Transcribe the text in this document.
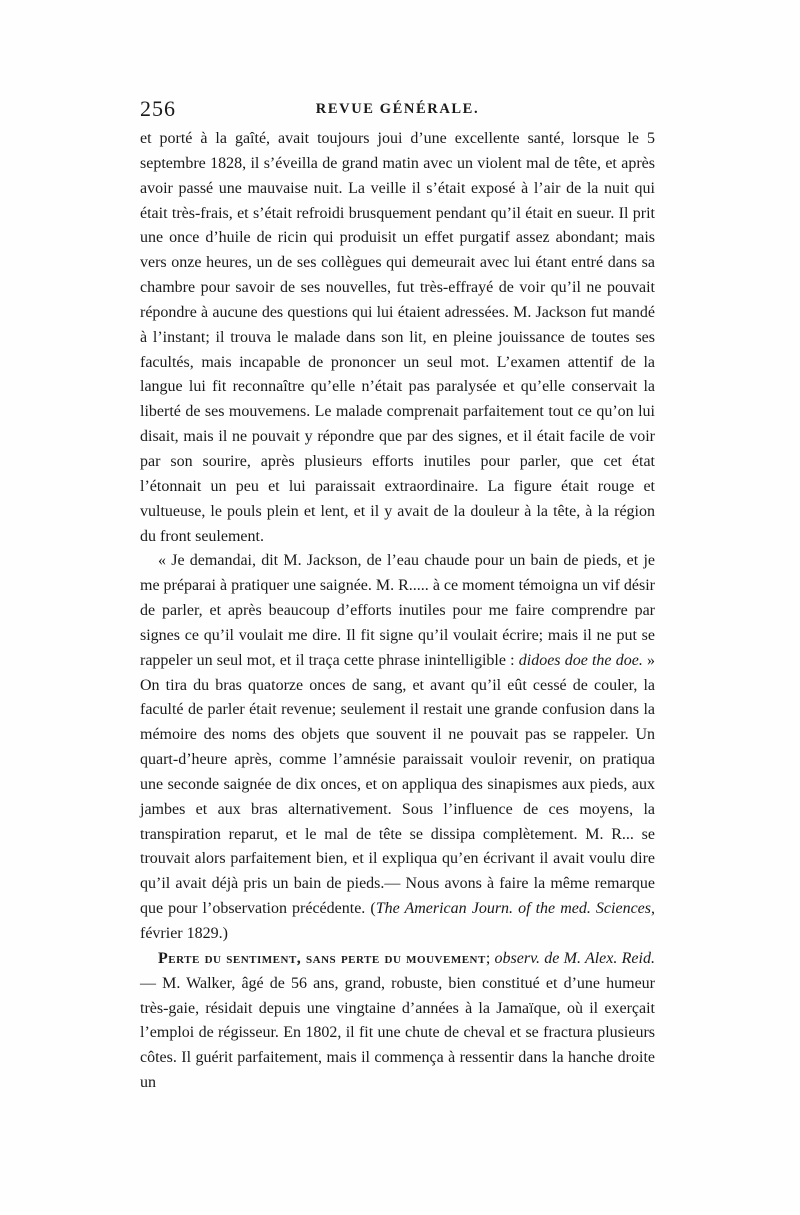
256	REVUE GÉNÉRALE.

et porté à la gaîté, avait toujours joui d’une excellente santé, lorsque le 5 septembre 1828, il s’éveilla de grand matin avec un violent mal de tête, et après avoir passé une mauvaise nuit. La veille il s’était exposé à l’air de la nuit qui était très-frais, et s’était refroidi brusquement pendant qu’il était en sueur. Il prit une once d’huile de ricin qui produisit un effet purgatif assez abondant; mais vers onze heures, un de ses collègues qui demeurait avec lui étant entré dans sa chambre pour savoir de ses nouvelles, fut très-effrayé de voir qu’il ne pouvait répondre à aucune des questions qui lui étaient adressées. M. Jackson fut mandé à l’instant; il trouva le malade dans son lit, en pleine jouissance de toutes ses facultés, mais incapable de prononcer un seul mot. L’examen attentif de la langue lui fit reconnaître qu’elle n’était pas paralysée et qu’elle conservait la liberté de ses mouvemens. Le malade comprenait parfaitement tout ce qu’on lui disait, mais il ne pouvait y répondre que par des signes, et il était facile de voir par son sourire, après plusieurs efforts inutiles pour parler, que cet état l’étonnait un peu et lui paraissait extraordinaire. La figure était rouge et vultueuse, le pouls plein et lent, et il y avait de la douleur à la tête, à la région du front seulement.

« Je demandai, dit M. Jackson, de l’eau chaude pour un bain de pieds, et je me préparai à pratiquer une saignée. M. R..... à ce moment témoigna un vif désir de parler, et après beaucoup d’efforts inutiles pour me faire comprendre par signes ce qu’il voulait me dire. Il fit signe qu’il voulait écrire; mais il ne put se rappeler un seul mot, et il traça cette phrase inintelligible : didoes doe the doe. » On tira du bras quatorze onces de sang, et avant qu’il eût cessé de couler, la faculté de parler était revenue; seulement il restait une grande confusion dans la mémoire des noms des objets que souvent il ne pouvait pas se rappeler. Un quart-d’heure après, comme l’amnésie paraissait vouloir revenir, on pratiqua une seconde saignée de dix onces, et on appliqua des sinapismes aux pieds, aux jambes et aux bras alternativement. Sous l’influence de ces moyens, la transpiration reparut, et le mal de tête se dissipa complètement. M. R... se trouvait alors parfaitement bien, et il expliqua qu’en écrivant il avait voulu dire qu’il avait déjà pris un bain de pieds.— Nous avons à faire la même remarque que pour l’observation précédente. (The American Journ. of the med. Sciences, février 1829.)

Perte du sentiment, sans perte du mouvement; observ. de M. Alex. Reid. — M. Walker, âgé de 56 ans, grand, robuste, bien constitué et d’une humeur très-gaie, résidait depuis une vingtaine d’années à la Jamaïque, où il exerçait l’emploi de régisseur. En 1802, il fit une chute de cheval et se fractura plusieurs côtes. Il guérit parfaitement, mais il commença à ressentir dans la hanche droite un
